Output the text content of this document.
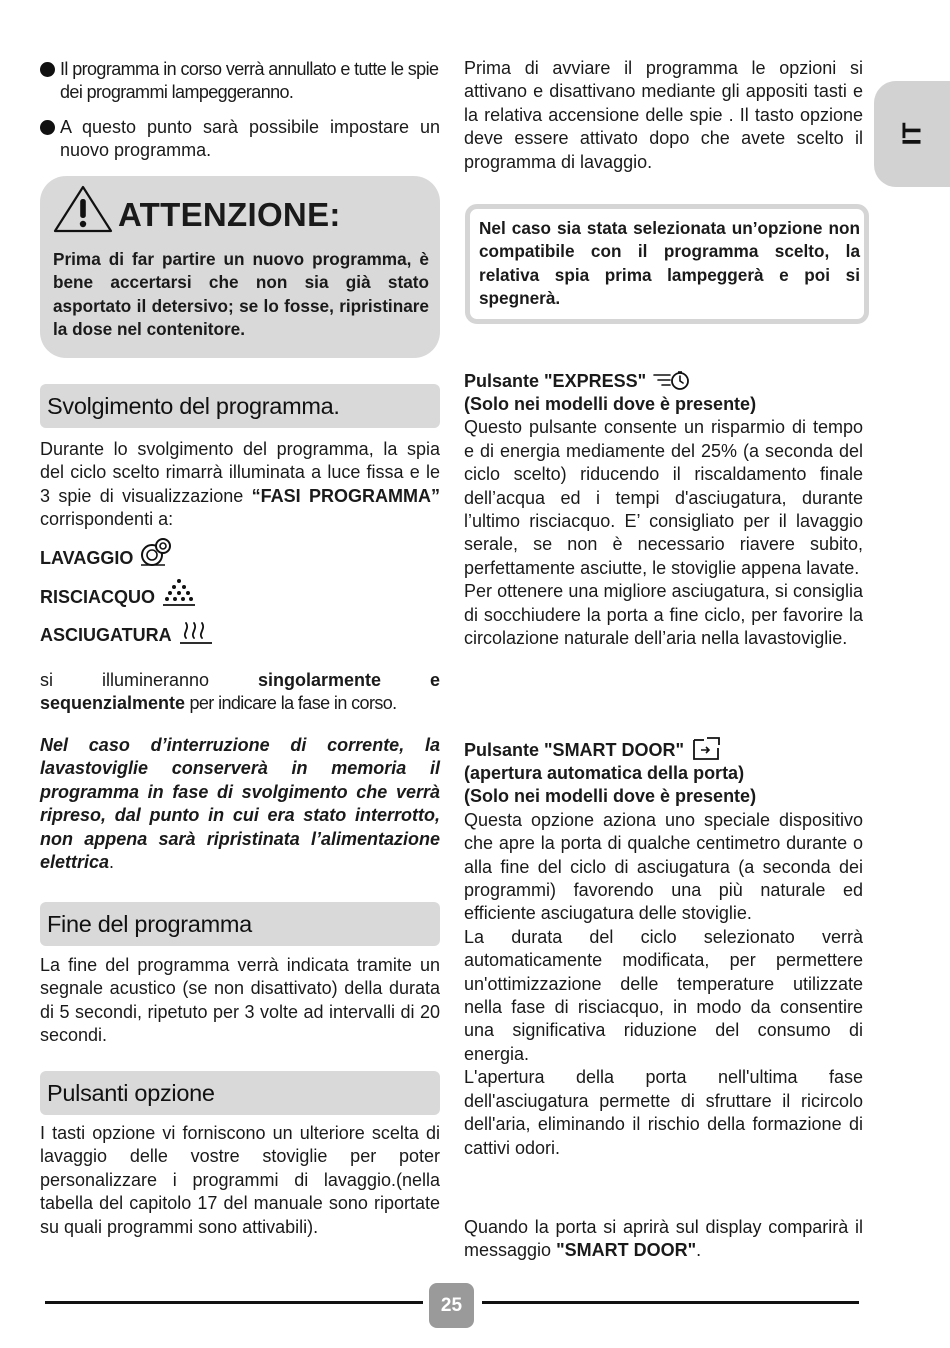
IT
Il programma in corso verrà annullato e tutte le spie dei programmi lampeggeranno.
A questo punto sarà possibile impostare un nuovo programma.
ATTENZIONE:
Prima di far partire un nuovo programma, è bene accertarsi che non sia già stato asportato il detersivo; se lo fosse, ripristinare la dose nel contenitore.
Svolgimento del programma.
Durante lo svolgimento del programma, la spia del ciclo scelto rimarrà illuminata a luce fissa e le 3 spie di visualizzazione “FASI PROGRAMMA” corrispondenti a:
LAVAGGIO
RISCIACQUO
ASCIUGATURA
si illumineranno singolarmente e sequenzialmente per indicare la fase in corso.
Nel caso d’interruzione di corrente, la lavastoviglie conserverà in memoria il programma in fase di svolgimento che verrà ripreso, dal punto in cui era stato interrotto, non appena sarà ripristinata l’alimentazione elettrica.
Fine del programma
La fine del programma verrà indicata tramite un segnale acustico (se non disattivato) della durata di 5 secondi, ripetuto per 3 volte ad intervalli di 20 secondi.
Pulsanti opzione
I tasti opzione vi forniscono un ulteriore scelta di lavaggio delle vostre stoviglie per poter personalizzare i programmi di lavaggio.(nella tabella del capitolo 17 del manuale sono riportate su quali programmi sono attivabili).
Prima di avviare il programma le opzioni si attivano e disattivano mediante gli appositi tasti e la relativa accensione delle spie . Il tasto opzione deve essere attivato dopo che avete scelto il programma di lavaggio.
Nel caso sia stata selezionata un’opzione non compatibile con il programma scelto, la relativa spia prima lampeggerà e poi si spegnerà.
Pulsante "EXPRESS"
(Solo nei modelli dove è presente)
Questo pulsante consente un risparmio di tempo e di energia mediamente del 25% (a seconda del ciclo scelto) riducendo il riscaldamento finale dell’acqua ed i tempi d'asciugatura, durante l’ultimo risciacquo. E’ consigliato per il lavaggio serale, se non è necessario riavere subito, perfettamente asciutte, le stoviglie appena lavate.
Per ottenere una migliore asciugatura, si consiglia di socchiudere la porta a fine ciclo, per favorire la circolazione naturale dell’aria nella lavastoviglie.
Pulsante "SMART DOOR"
(apertura automatica della porta)
(Solo nei modelli dove è presente)
Questa opzione aziona uno speciale dispositivo che apre la porta di qualche centimetro durante o alla fine del ciclo di asciugatura (a seconda dei programmi) favorendo una più naturale ed efficiente asciugatura delle stoviglie.
La durata del ciclo selezionato verrà automaticamente modificata, per permettere un'ottimizzazione delle temperature utilizzate nella fase di risciacquo, in modo da consentire una significativa riduzione del consumo di energia.
L'apertura della porta nell'ultima fase dell'asciugatura permette di sfruttare il ricircolo dell'aria, eliminando il rischio della formazione di cattivi odori.
Quando la porta si aprirà sul display comparirà il messaggio "SMART DOOR".
25
